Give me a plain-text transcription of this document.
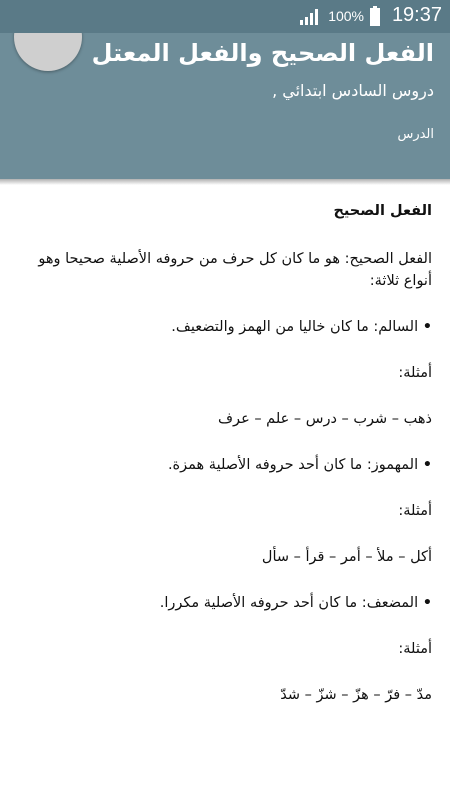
100% 19:37
الفعل الصحيح والفعل المعتل
دروس السادس ابتدائي ,
الدرس

الفعل الصحيح

الفعل الصحيح: هو ما كان كل حرف من حروفه الأصلية صحيحا وهو أنواع ثلاثة:

• السالم: ما كان خاليا من الهمز والتضعيف.

أمثلة:

ذهب – شرب – درس – علم – عرف

• المهموز: ما كان أحد حروفه الأصلية همزة.

أمثلة:

أكل – ملأ – أمر – قرأ – سأل

• المضعف: ما كان أحد حروفه الأصلية مكررا.

أمثلة:

مدّ – فرّ – هزّ – شزّ – شدّ
